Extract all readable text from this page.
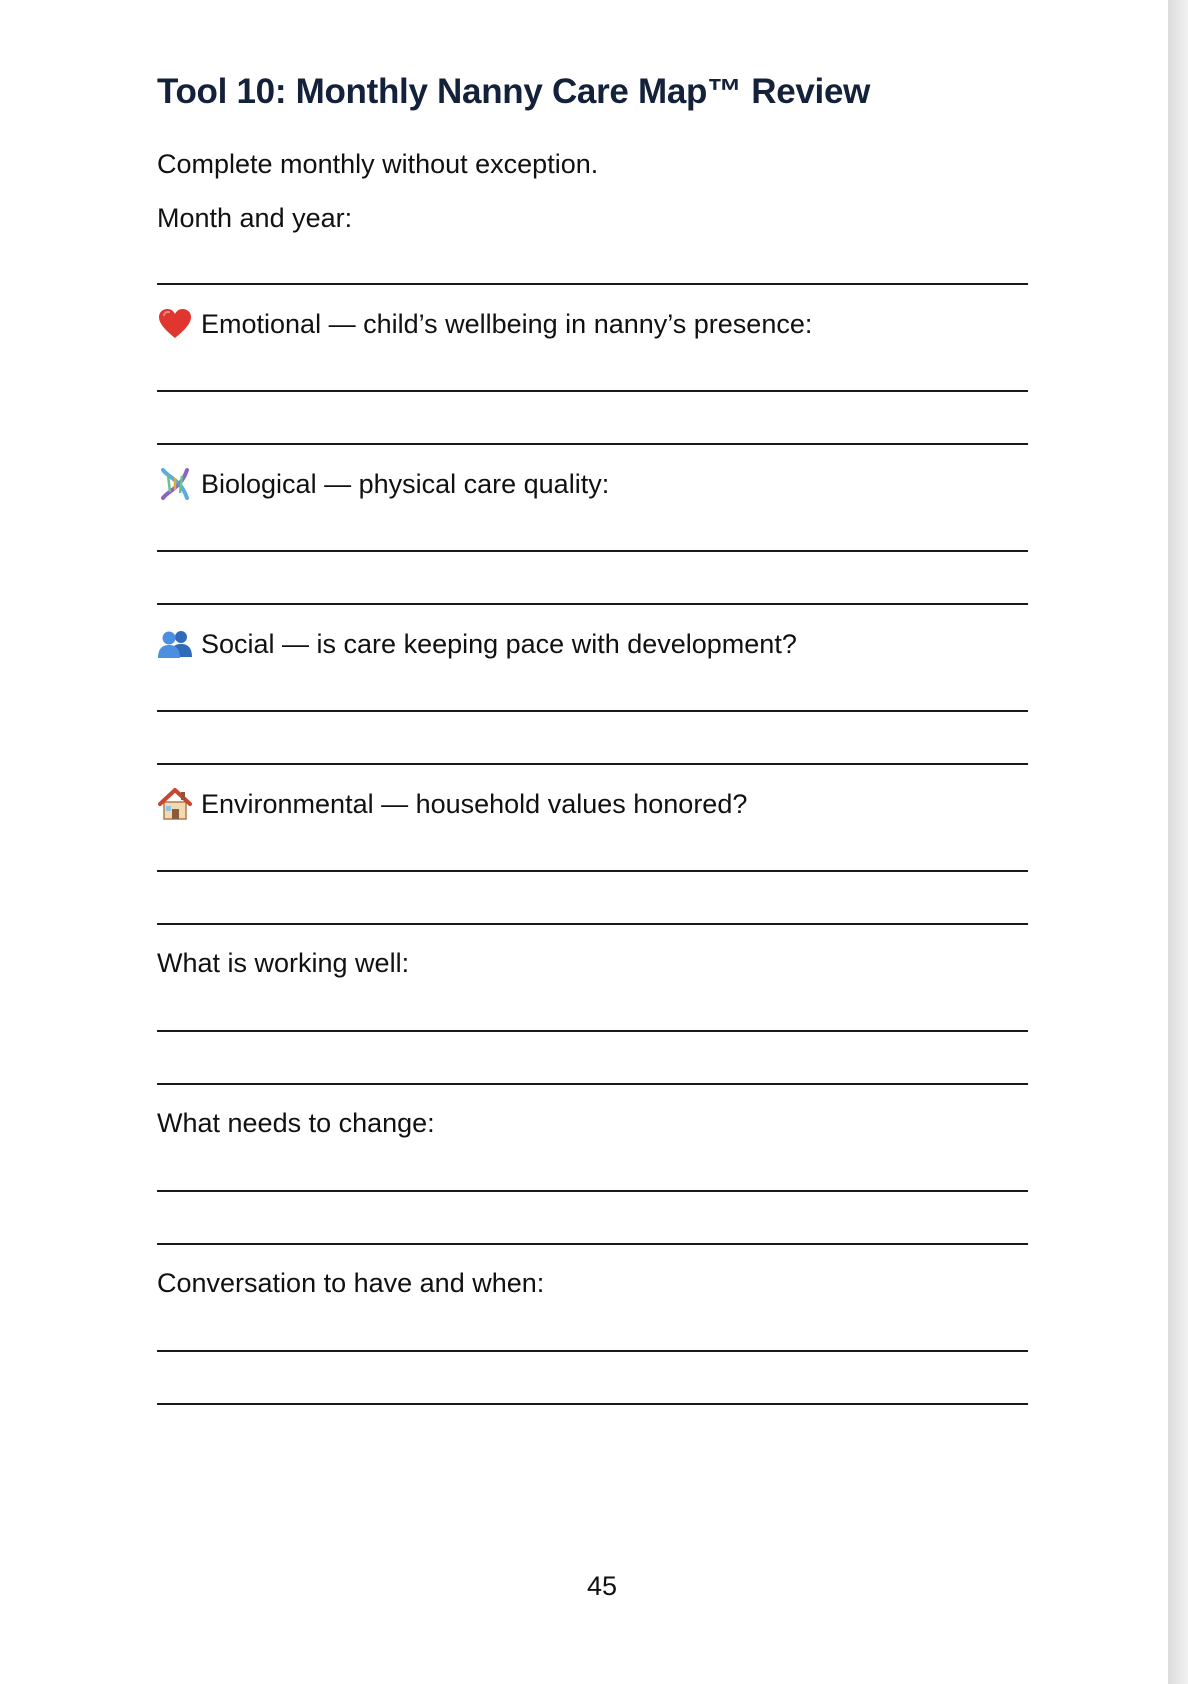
Tool 10: Monthly Nanny Care Map™ Review
Complete monthly without exception.
Month and year:
Emotional — child’s wellbeing in nanny’s presence:
Biological — physical care quality:
Social — is care keeping pace with development?
Environmental — household values honored?
What is working well:
What needs to change:
Conversation to have and when:
45
